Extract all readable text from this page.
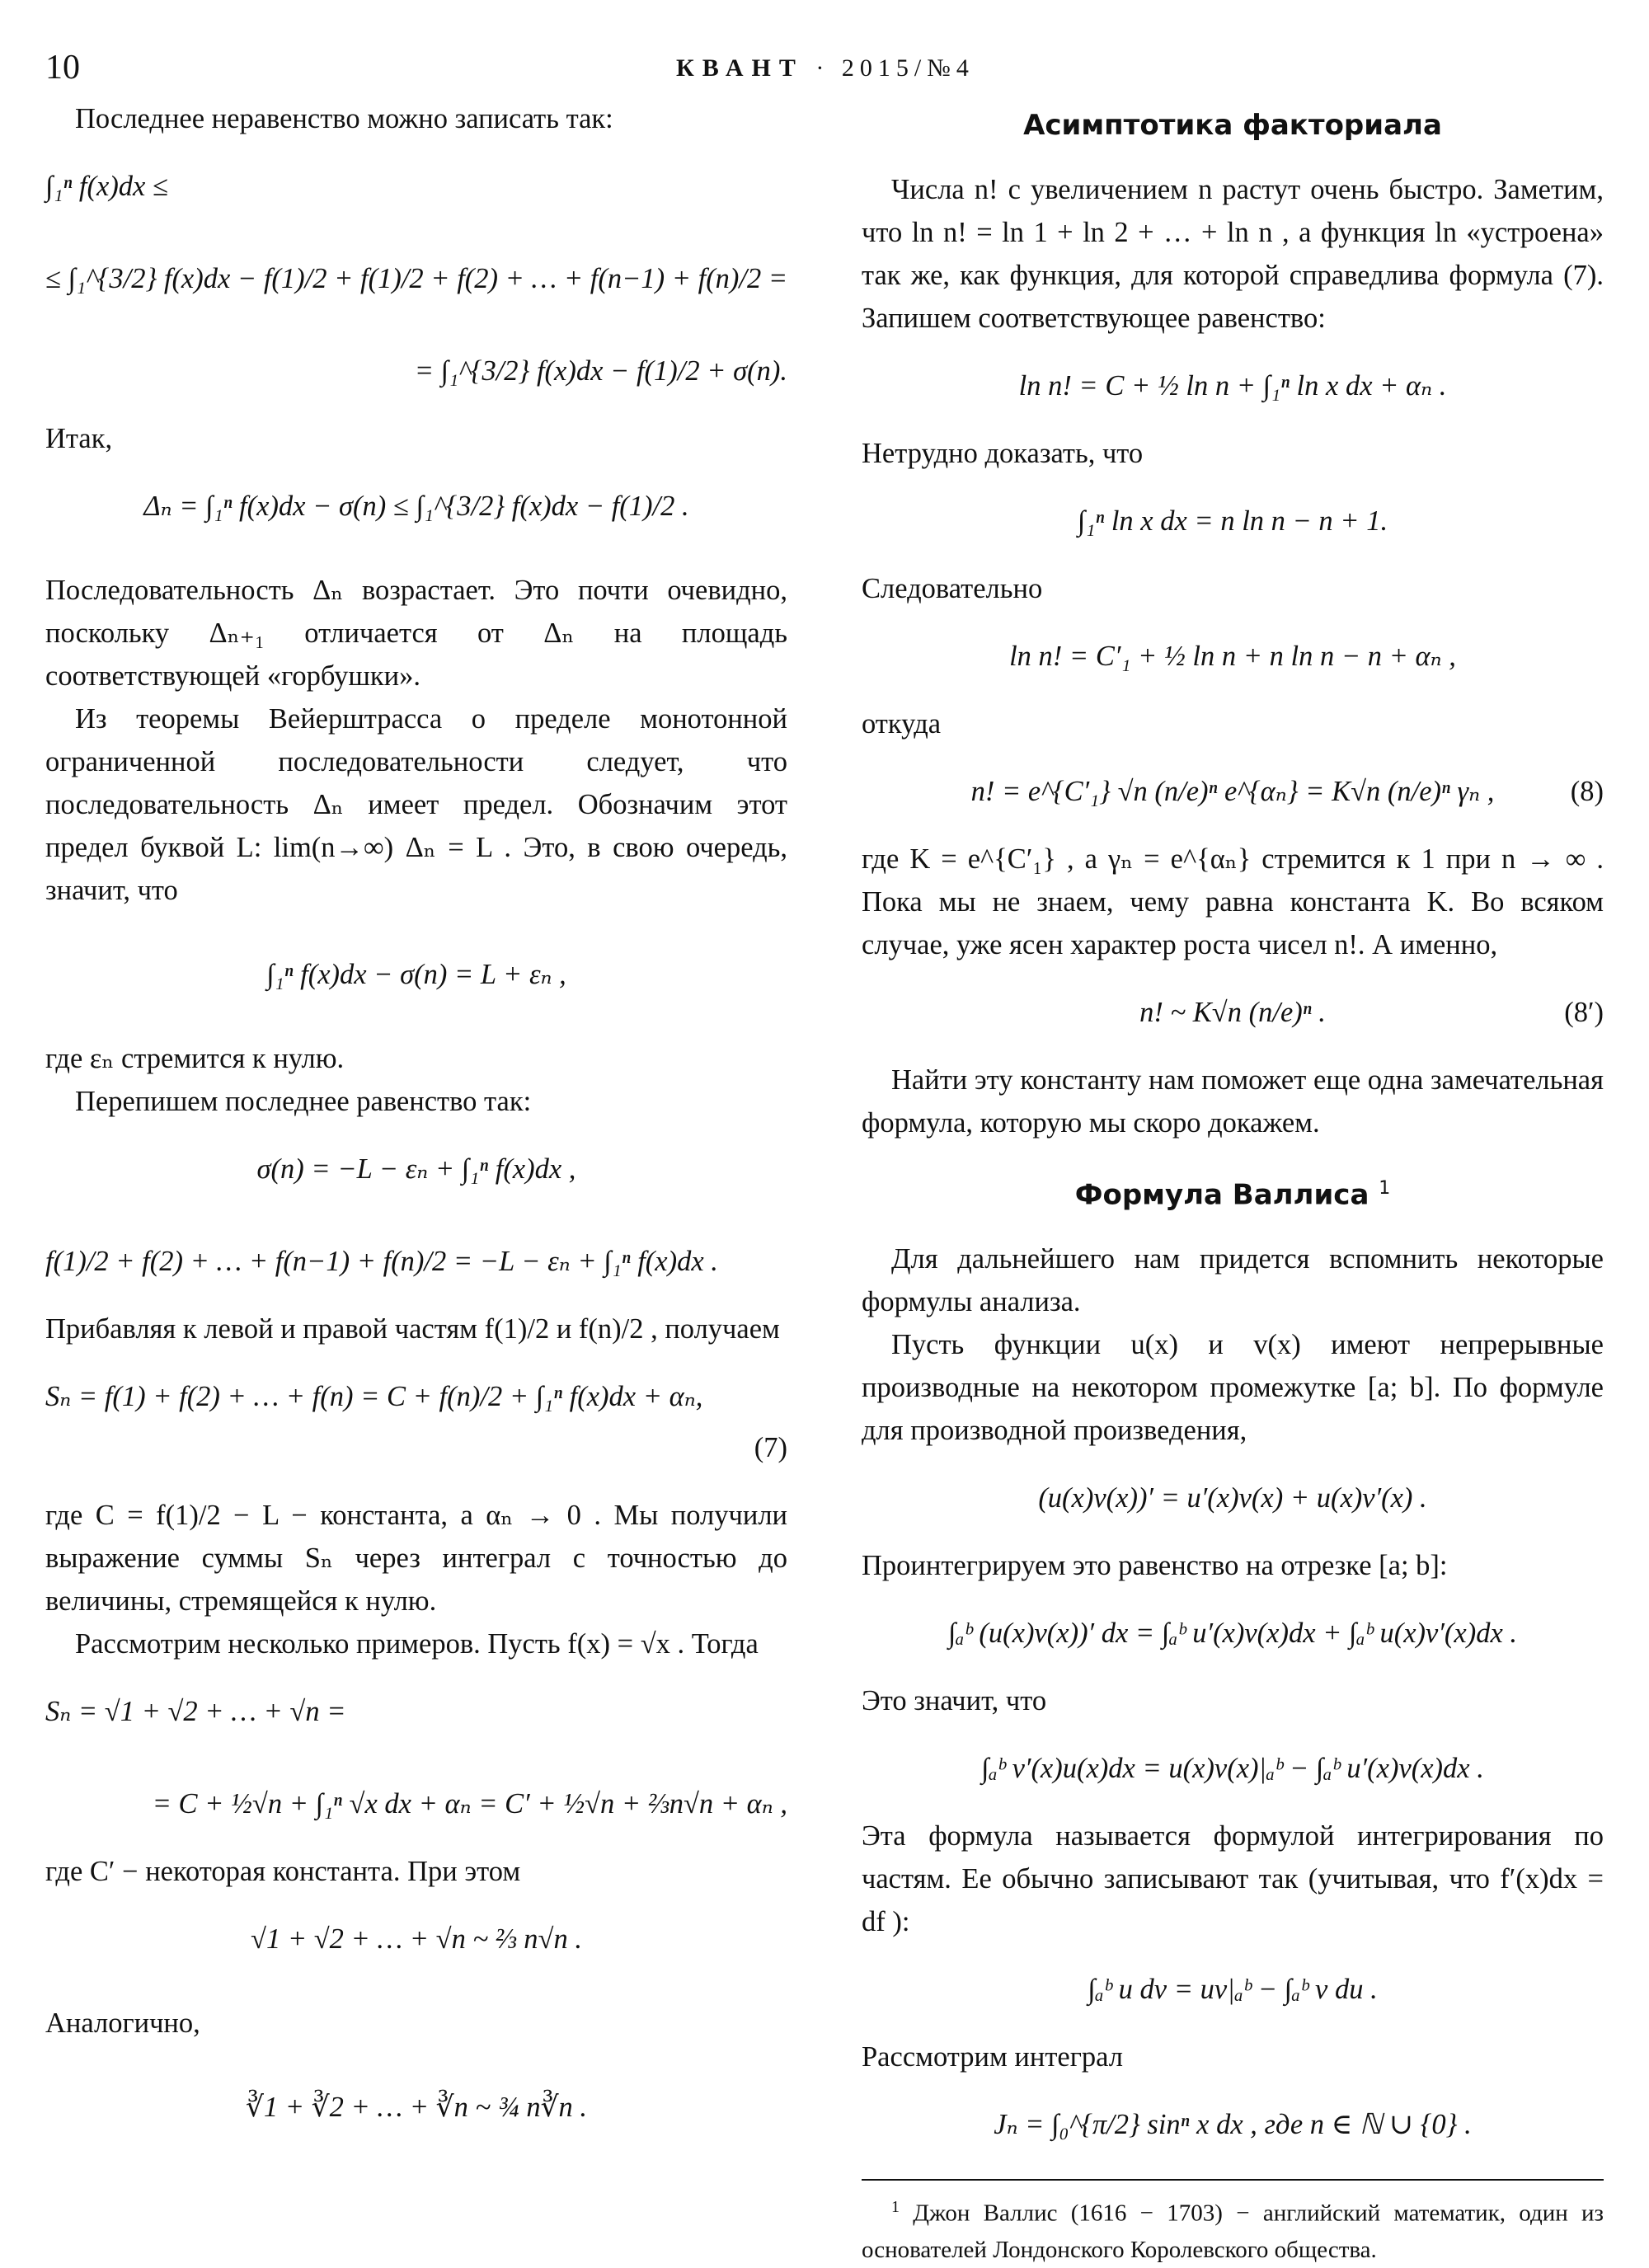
10	КВАНТ · 2015/№4

Последнее неравенство можно записать так:

∫₁ⁿ f(x)dx ≤
≤ ∫₁^{3/2} f(x)dx − f(1)/2 + f(1)/2 + f(2) + … + f(n−1) + f(n)/2 =
= ∫₁^{3/2} f(x)dx − f(1)/2 + σ(n).

Итак,

Δₙ = ∫₁ⁿ f(x)dx − σ(n) ≤ ∫₁^{3/2} f(x)dx − f(1)/2 .

Последовательность Δₙ возрастает. Это почти очевидно, поскольку Δₙ₊₁ отличается от Δₙ на площадь соответствующей «горбушки».

Из теоремы Вейерштрасса о пределе монотонной ограниченной последовательности следует, что последовательность Δₙ имеет предел. Обозначим этот предел буквой L: lim(n→∞) Δₙ = L . Это, в свою очередь, значит, что

∫₁ⁿ f(x)dx − σ(n) = L + εₙ ,

где εₙ стремится к нулю.

Перепишем последнее равенство так:

σ(n) = −L − εₙ + ∫₁ⁿ f(x)dx ,
f(1)/2 + f(2) + … + f(n−1) + f(n)/2 = −L − εₙ + ∫₁ⁿ f(x)dx .

Прибавляя к левой и правой частям f(1)/2 и f(n)/2 , получаем

Sₙ = f(1) + f(2) + … + f(n) = C + f(n)/2 + ∫₁ⁿ f(x)dx + αₙ,
(7)

где C = f(1)/2 − L − константа, а αₙ → 0 . Мы получили выражение суммы Sₙ через интеграл с точностью до величины, стремящейся к нулю.

Рассмотрим несколько примеров. Пусть f(x) = √x . Тогда

Sₙ = √1 + √2 + … + √n =
= C + ½√n + ∫₁ⁿ √x dx + αₙ = C′ + ½√n + ⅔n√n + αₙ ,

где C′ − некоторая константа. При этом

√1 + √2 + … + √n ~ ⅔ n√n .

Аналогично,

∛1 + ∛2 + … + ∛n ~ ¾ n∛n .
Асимптотика факториала

Числа n! с увеличением n растут очень быстро. Заметим, что ln n! = ln 1 + ln 2 + … + ln n , а функция ln «устроена» так же, как функция, для которой справедлива формула (7). Запишем соответствующее равенство:

ln n! = C + ½ ln n + ∫₁ⁿ ln x dx + αₙ .

Нетрудно доказать, что

∫₁ⁿ ln x dx = n ln n − n + 1.

Следовательно

ln n! = C′₁ + ½ ln n + n ln n − n + αₙ ,

откуда

n! = e^{C′₁} √n (n/e)ⁿ e^{αₙ} = K√n (n/e)ⁿ γₙ ,	(8)

где K = e^{C′₁} , а γₙ = e^{αₙ} стремится к 1 при n → ∞ . Пока мы не знаем, чему равна константа K. Во всяком случае, уже ясен характер роста чисел n!. А именно,

n! ~ K√n (n/e)ⁿ .	(8′)

Найти эту константу нам поможет еще одна замечательная формула, которую мы скоро докажем.

Формула Валлиса $^1$

Для дальнейшего нам придется вспомнить некоторые формулы анализа.

Пусть функции u(x) и v(x) имеют непрерывные производные на некотором промежутке [a; b]. По формуле для производной произведения,

(u(x)v(x))′ = u′(x)v(x) + u(x)v′(x) .

Проинтегрируем это равенство на отрезке [a; b]:

∫ₐᵇ (u(x)v(x))′ dx = ∫ₐᵇ u′(x)v(x)dx + ∫ₐᵇ u(x)v′(x)dx .

Это значит, что

∫ₐᵇ v′(x)u(x)dx = u(x)v(x)|ₐᵇ − ∫ₐᵇ u′(x)v(x)dx .

Эта формула называется формулой интегрирования по частям. Ее обычно записывают так (учитывая, что f′(x)dx = df ):

∫ₐᵇ u dv = uv|ₐᵇ − ∫ₐᵇ v du .

Рассмотрим интеграл

Jₙ = ∫₀^{π/2} sinⁿ x dx , где n ∈ ℕ ∪ {0} .

$^1$ Джон Валлис (1616 − 1703) − английский математик, один из основателей Лондонского Королевского общества.
